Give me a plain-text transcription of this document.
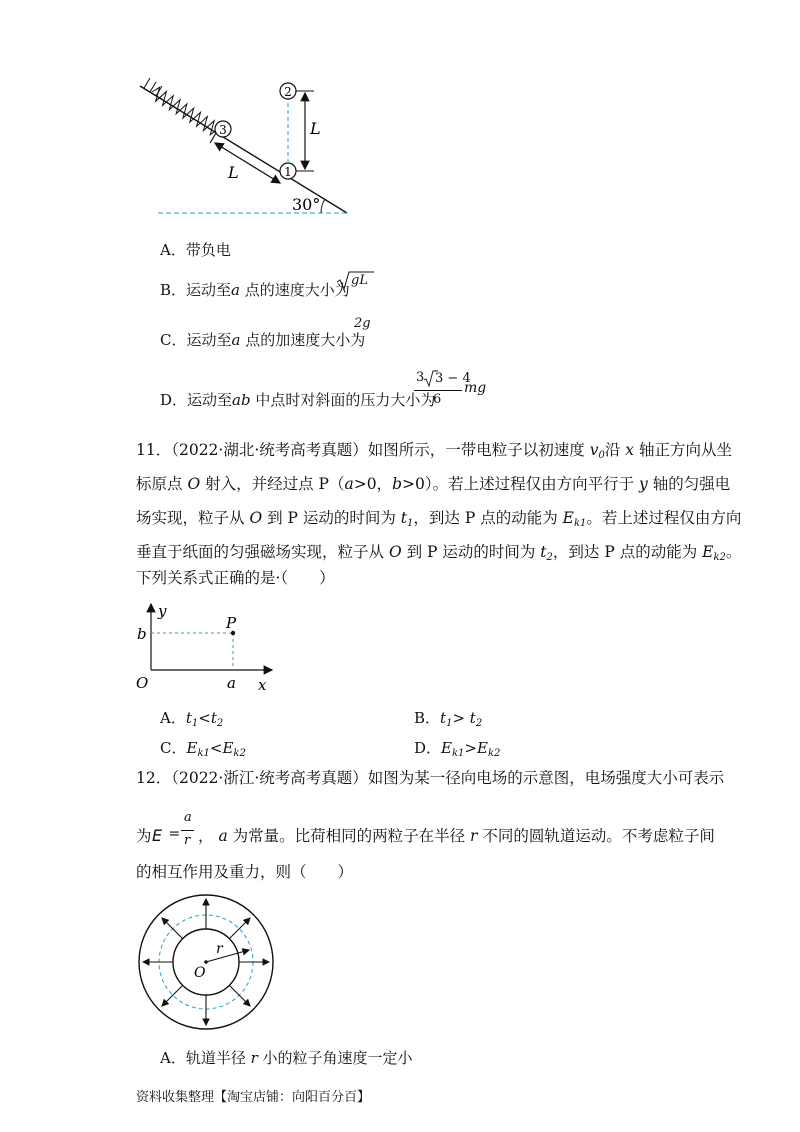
3
L	1
2
L
30°
A．带负电
B．运动至a 点的速度大小为
gL
C．运动至a 点的加速度大小为
2g
D．运动至ab 中点时对斜面的压力大小为
3 3 − 4
6
mg
11．（2022·湖北·统考高考真题）如图所示，一带电粒子以初速度 $v_0$沿 x 轴正方向从坐
标原点 O 射入，并经过点 P（a>0，b>0）。若上述过程仅由方向平行于 y 轴的匀强电
场实现，粒子从 O 到 P 运动的时间为 $t_1$，到达 P 点的动能为 $E_{k1}$。若上述过程仅由方向
垂直于纸面的匀强磁场实现，粒子从 O 到 P 运动的时间为 $t_2$，到达 P 点的动能为 $E_{k2}$。
下列关系式正确的是·（　　）
y
P
b
O	a x
A．$t_1<t_2$	B．$t_1> t_2$
C．$E_{k1}<E_{k2}$	D．$E_{k1}>E_{k2}$
12．（2022·浙江·统考高考真题）如图为某一径向电场的示意图，电场强度大小可表示
为 E =
a
r ， a 为常量。比荷相同的两粒子在半径 r 不同的圆轨道运动。不考虑粒子间
的相互作用及重力，则（　　）
r
O
A．轨道半径 r 小的粒子角速度一定小
资料收集整理【淘宝店铺：向阳百分百】
